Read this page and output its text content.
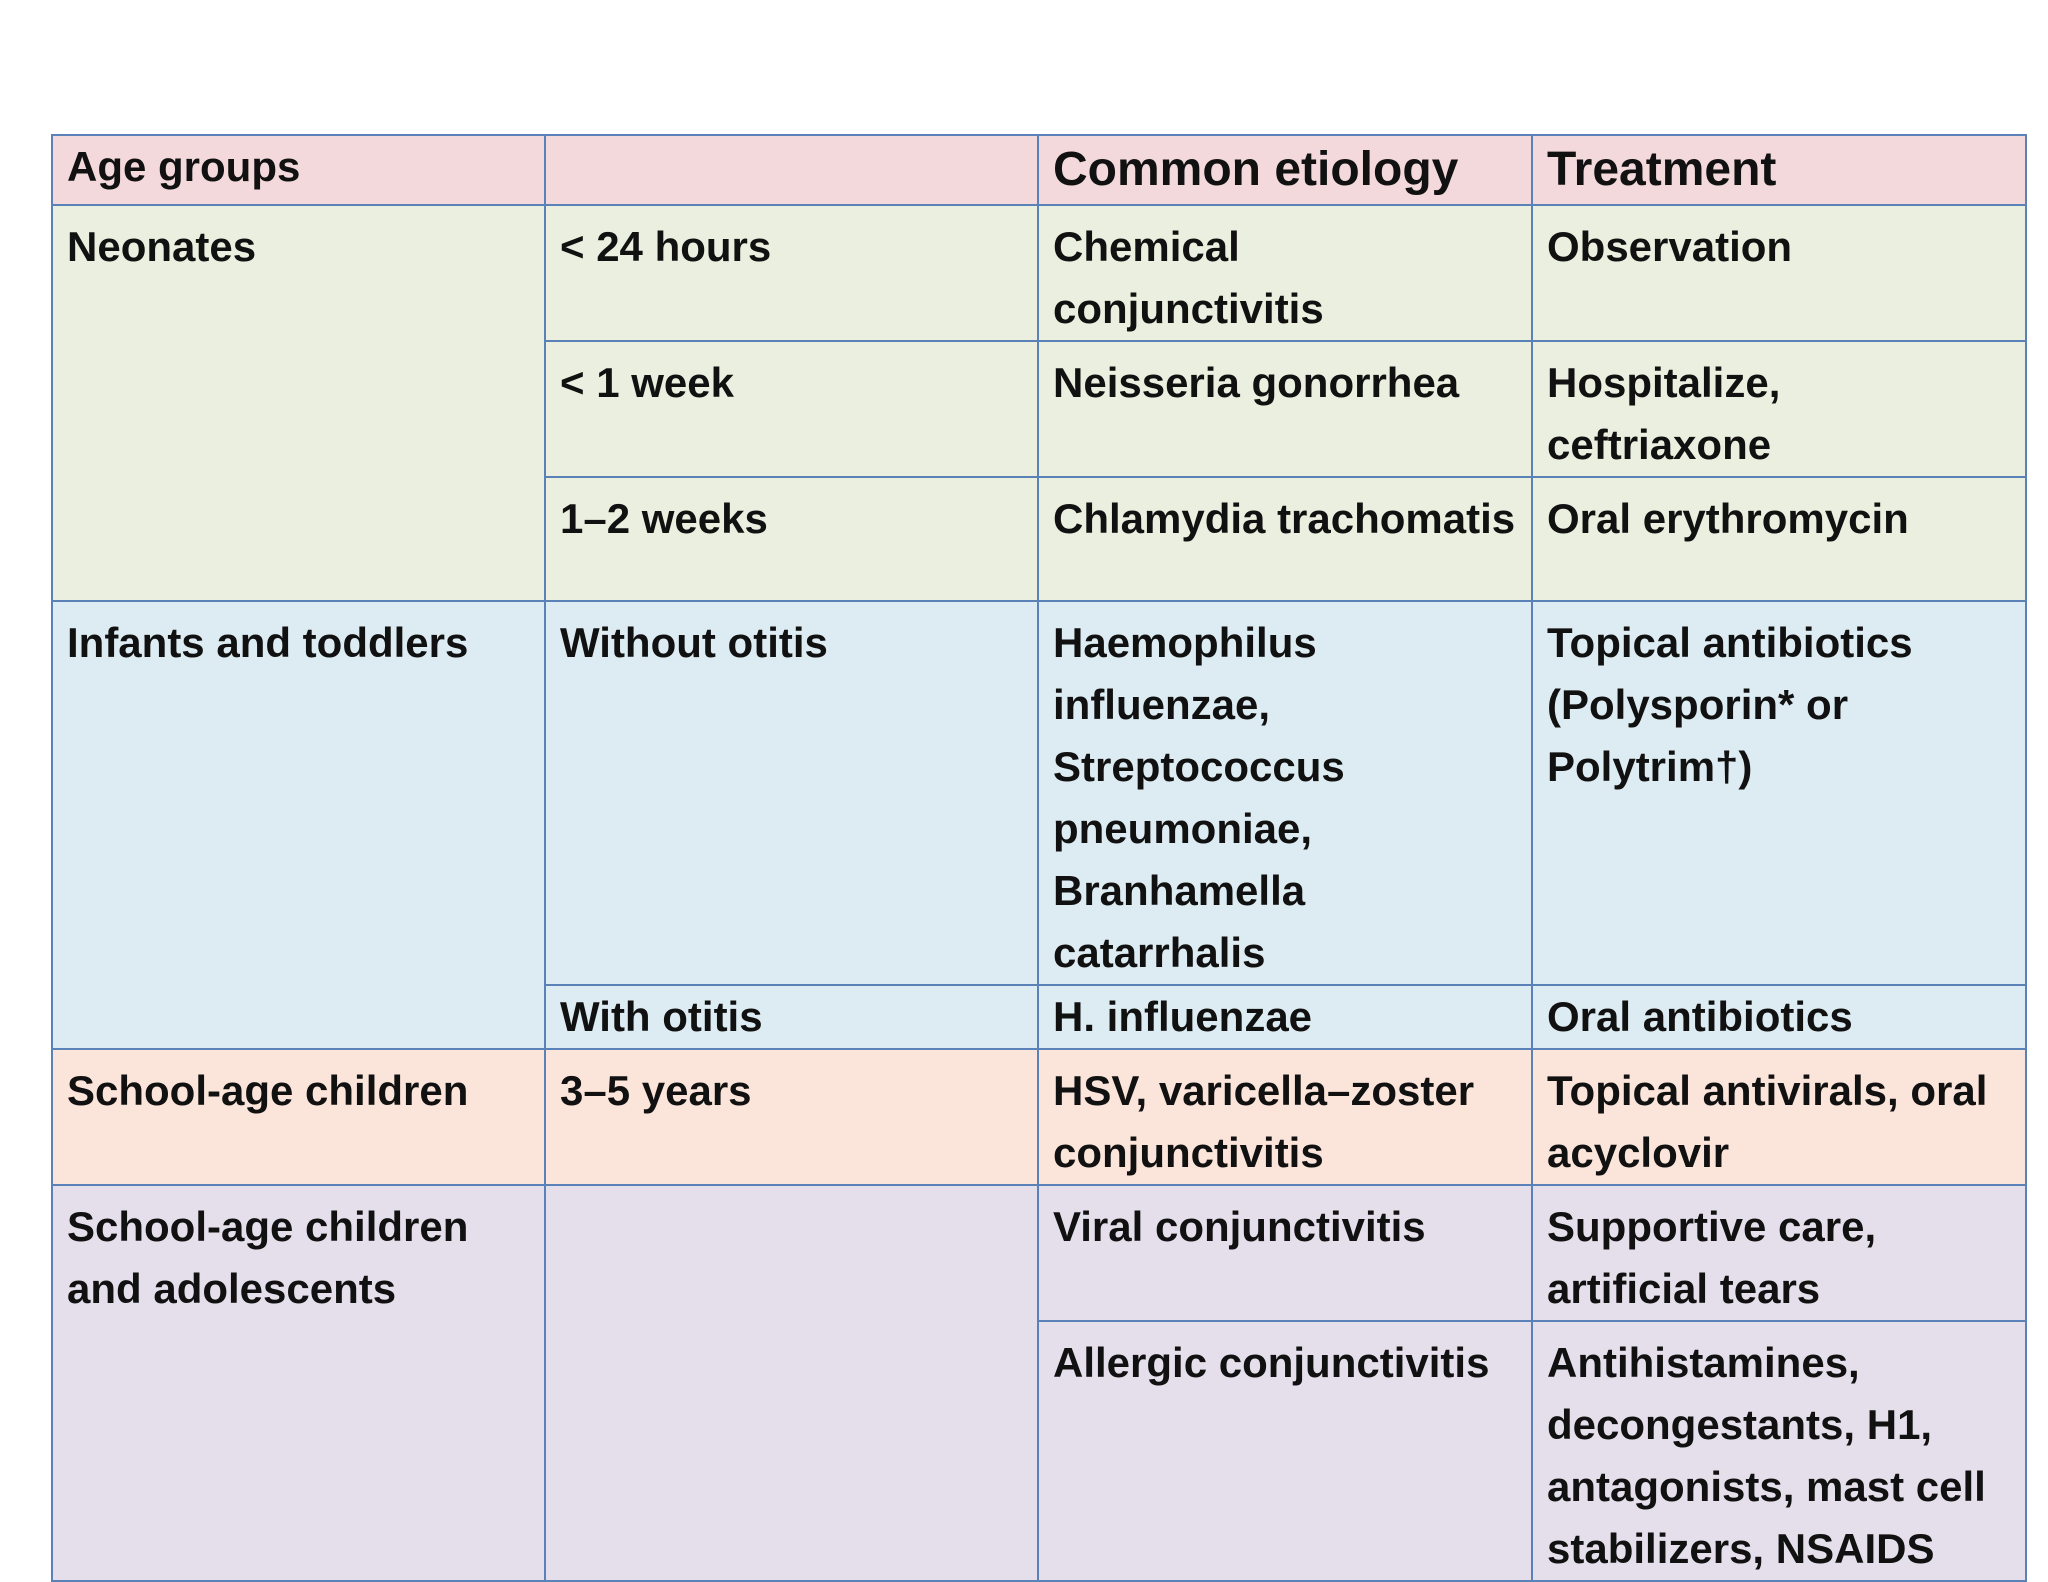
Age groups		Common etiology	Treatment
Neonates	< 24 hours	Chemical conjunctivitis	Observation
	< 1 week	Neisseria gonorrhea	Hospitalize, ceftriaxone
	1–2 weeks	Chlamydia trachomatis	Oral erythromycin
Infants and toddlers	Without otitis	Haemophilus influenzae, Streptococcus pneumoniae, Branhamella catarrhalis	Topical antibiotics (Polysporin* or Polytrim†)
	With otitis	H. influenzae	Oral antibiotics
School-age children	3–5 years	HSV, varicella–zoster conjunctivitis	Topical antivirals, oral acyclovir
School-age children and adolescents		Viral conjunctivitis	Supportive care, artificial tears
		Allergic conjunctivitis	Antihistamines, decongestants, H1, antagonists, mast cell stabilizers, NSAIDS
